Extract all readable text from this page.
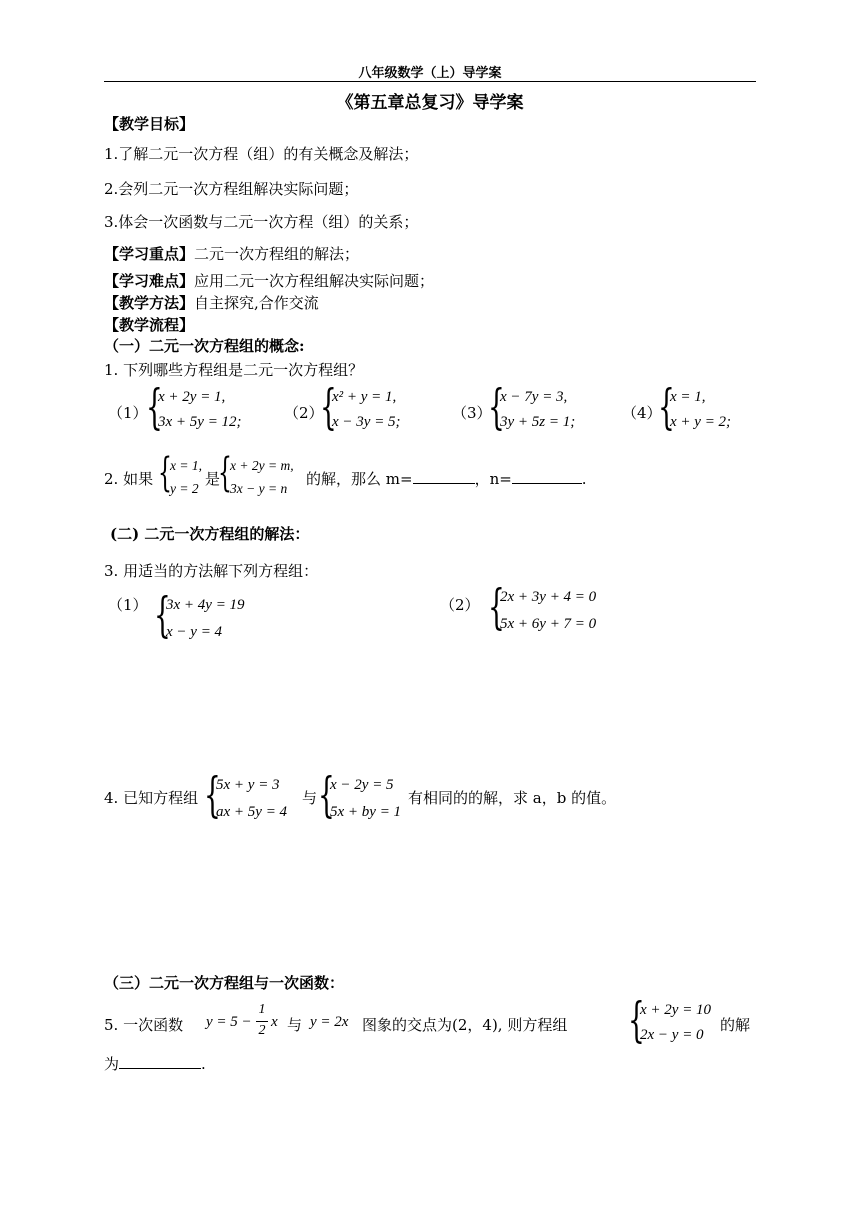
八年级数学（上）导学案
《第五章总复习》导学案
【教学目标】
1.了解二元一次方程（组）的有关概念及解法；
2.会列二元一次方程组解决实际问题；
3.体会一次函数与二元一次方程（组）的关系；
【学习重点】二元一次方程组的解法；
【学习难点】应用二元一次方程组解决实际问题；
【教学方法】自主探究,合作交流
【教学流程】
（一）二元一次方程组的概念:
1. 下列哪些方程组是二元一次方程组？
（1）
{
x + 2y = 1,
3x + 5y = 12;	（2）
{
x² + y = 1,
x − 3y = 5;	（3）
{
x − 7y = 3,
3y + 5z = 1;	（4）
{
x = 1,
x + y = 2;
2. 如果 {
x = 1,
y = 2
是
{
x + 2y = m,
3x − y = n
的解，那么 m=	，n=	.
(二) 二元一次方程组的解法：
3. 用适当的方法解下列方程组：
（1） {
3x + 4y = 19
x − y = 4
（2） {
2x + 3y + 4 = 0
5x + 6y + 7 = 0
4. 已知方程组 {
5x + y = 3
ax + 5y = 4
与 {
x − 2y = 5
5x + by = 1
有相同的的解，求 a，b 的值。
（三）二元一次方程组与一次函数：
5. 一次函数 y = 5 −
1
2
x 与 y = 2x 图象的交点为(2，4), 则方程组 {
x + 2y = 10
2x − y = 0
的解
为	.
